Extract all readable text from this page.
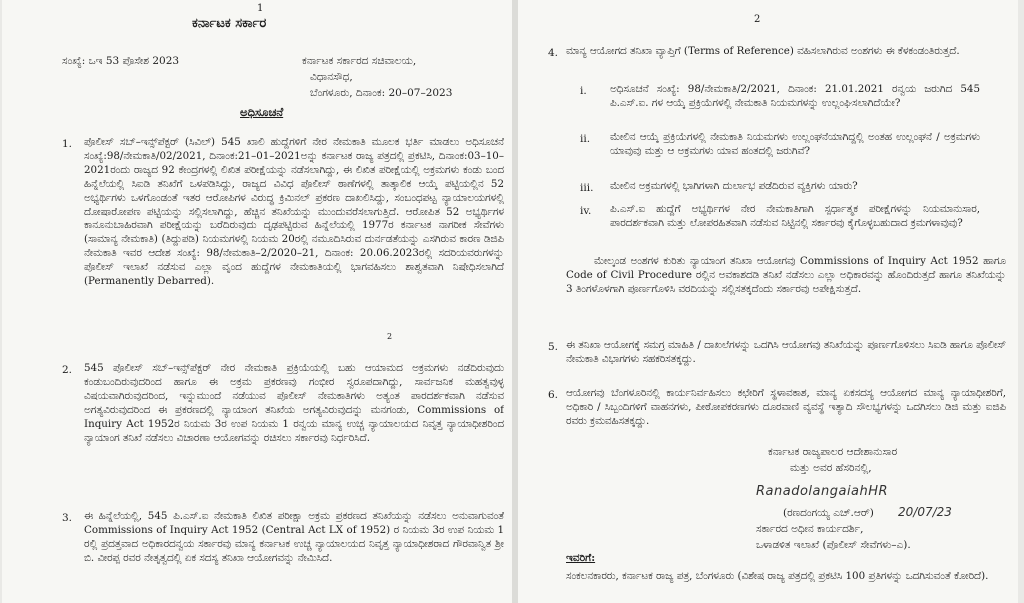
1
ಕರ್ನಾಟಕ ಸರ್ಕಾರ
ಸಂಖ್ಯೆ: ಒಇ 53 ಪೊಸೇಶ 2023	ಕರ್ನಾಟಕ ಸರ್ಕಾರದ ಸಚಿವಾಲಯ,
ವಿಧಾನಸೌಧ,
ಬೆಂಗಳೂರು, ದಿನಾಂಕ: 20–07–2023
ಅಧಿಸೂಚನೆ
1. ಪೊಲೀಸ್ ಸಬ್–ಇನ್ಸ್‌ಪೆಕ್ಟರ್ (ಸಿವಿಲ್) 545 ಖಾಲಿ ಹುದ್ದೆಗಳಿಗೆ ನೇರ ನೇಮಕಾತಿ ಮೂಲಕ ಭರ್ತಿ ಮಾಡಲು ಅಧಿಸೂಚನೆ ಸಂಖ್ಯೆ:98/ನೇಮಕಾತಿ/02/2021, ದಿನಾಂಕ:21–01–2021ಅನ್ನು ಕರ್ನಾಟಕ ರಾಜ್ಯ ಪತ್ರದಲ್ಲಿ ಪ್ರಕಟಿಸಿ, ದಿನಾಂಕ:03–10–2021ರಂದು ರಾಜ್ಯದ 92 ಕೇಂದ್ರಗಳಲ್ಲಿ ಲಿಖಿತ ಪರೀಕ್ಷೆಯನ್ನು ನಡೆಸಲಾಗಿದ್ದು, ಈ ಲಿಖಿತ ಪರೀಕ್ಷೆಯಲ್ಲಿ ಅಕ್ರಮಗಳು ಕಂಡು ಬಂದ ಹಿನ್ನೆಲೆಯಲ್ಲಿ ಸಿಐಡಿ ತನಿಖೆಗೆ ಒಳಪಡಿಸಿದ್ದು, ರಾಜ್ಯದ ವಿವಿಧ ಪೊಲೀಸ್ ಠಾಣೆಗಳಲ್ಲಿ ತಾತ್ಕಾಲಿಕ ಆಯ್ಕೆ ಪಟ್ಟಿಯಲ್ಲಿನ 52 ಅಭ್ಯರ್ಥಿಗಳು ಒಳಗೊಂಡಂತೆ ಇತರ ಆರೋಪಿಗಳ ವಿರುದ್ಧ ಕ್ರಿಮಿನಲ್ ಪ್ರಕರಣ ದಾಖಲಿಸಿದ್ದು, ಸಂಬಂಧಪಟ್ಟ ನ್ಯಾಯಾಲಯಗಳಲ್ಲಿ ದೋಷಾರೋಪಣ ಪಟ್ಟಿಯನ್ನು ಸಲ್ಲಿಸಲಾಗಿದ್ದು, ಹೆಚ್ಚಿನ ತನಿಖೆಯನ್ನು ಮುಂದುವರೆಸಲಾಗುತ್ತಿದೆ. ಆರೋಪಿತ 52 ಅಭ್ಯರ್ಥಿಗಳ ಕಾನೂನುಬಾಹಿರವಾಗಿ ಪರೀಕ್ಷೆಯನ್ನು ಬರೆದಿರುವುದು ದೃಢಪಟ್ಟಿರುವ ಹಿನ್ನೆಲೆಯಲ್ಲಿ 1977ರ ಕರ್ನಾಟಕ ನಾಗರೀಕ ಸೇವೆಗಳು (ಸಾಮಾನ್ಯ ನೇಮಕಾತಿ) (ತಿದ್ದುಪಡಿ) ನಿಯಮಗಳಲ್ಲಿ ನಿಯಮ 20ರಲ್ಲಿ ನಮೂದಿಸಿರುವ ದುರ್ನಡತೆಯನ್ನು ಎಸಗಿರುವ ಕಾರಣ ಡಿಜಿಪಿ ನೇಮಕಾತಿ ಇವರ ಆದೇಶ ಸಂಖ್ಯೆ: 98/ನೇಮಕಾತಿ–2/2020–21, ದಿನಾಂಕ: 20.06.2023ರಲ್ಲಿ ಸದರಿಯವರುಗಳನ್ನು ಪೊಲೀಸ್ ಇಲಾಖೆ ನಡೆಸುವ ಎಲ್ಲಾ ವೃಂದ ಹುದ್ದೆಗಳ ನೇಮಕಾತಿಯಲ್ಲಿ ಭಾಗವಹಿಸಲು ಶಾಶ್ವತವಾಗಿ ನಿಷೇಧಿಸಲಾಗಿದೆ (Permanently Debarred).
2
2. 545 ಪೊಲೀಸ್ ಸಬ್–ಇನ್ಸ್‌ಪೆಕ್ಟರ್ ನೇರ ನೇಮಕಾತಿ ಪ್ರಕ್ರಿಯೆಯಲ್ಲಿ ಬಹು ಆಯಾಮದ ಅಕ್ರಮಗಳು ನಡೆದಿರುವುದು ಕಂಡುಬಂದಿರುವುದರಿಂದ ಹಾಗೂ ಈ ಅಕ್ರಮ ಪ್ರಕರಣವು ಗಂಭೀರ ಸ್ವರೂಪದಾಗಿದ್ದು, ಸಾರ್ವಜನಿಕ ಮಹತ್ವವುಳ್ಳ ವಿಷಯವಾಗಿರುವುದರಿಂದ, ಇನ್ನುಮುಂದೆ ನಡೆಯುವ ಪೊಲೀಸ್ ನೇಮಕಾತಿಗಳು ಅತ್ಯಂತ ಪಾರದರ್ಶಕವಾಗಿ ನಡೆಸುವ ಅಗತ್ಯವಿರುವುದರಿಂದ ಈ ಪ್ರಕರಣದಲ್ಲಿ ನ್ಯಾಯಾಂಗ ತನಿಖೆಯ ಅಗತ್ಯವಿರುವುದನ್ನು ಮನಗಂಡು, Commissions of Inquiry Act 1952ರ ನಿಯಮ 3ರ ಉಪ ನಿಯಮ 1 ರನ್ವಯ ಮಾನ್ಯ ಉಚ್ಚ ನ್ಯಾಯಾಲಯದ ನಿವೃತ್ತ ನ್ಯಾಯಾಧೀಶರಿಂದ ನ್ಯಾಯಾಂಗ ತನಿಖೆ ನಡೆಸಲು ವಿಚಾರಣಾ ಆಯೋಗವನ್ನು ರಚಿಸಲು ಸರ್ಕಾರವು ನಿರ್ಧರಿಸಿದೆ.
3. ಈ ಹಿನ್ನೆಲೆಯಲ್ಲಿ, 545 ಪಿ.ಎಸ್.ಐ ನೇಮಕಾತಿ ಲಿಖಿತ ಪರೀಕ್ಷಾ ಅಕ್ರಮ ಪ್ರಕರಣದ ತನಿಖೆಯನ್ನು ನಡೆಸಲು ಅನುವಾಗುವಂತೆ Commissions of Inquiry Act 1952 (Central Act LX of 1952) ರ ನಿಯಮ 3ರ ಉಪ ನಿಯಮ 1 ರಲ್ಲಿ ಪ್ರದತ್ತವಾದ ಅಧಿಕಾರದನ್ವಯ ಸರ್ಕಾರವು ಮಾನ್ಯ ಕರ್ನಾಟಕ ಉಚ್ಚ ನ್ಯಾಯಾಲಯದ ನಿವೃತ್ತ ನ್ಯಾಯಾಧೀಶರಾದ ಗೌರವಾನ್ವಿತ ಶ್ರೀ ಬಿ. ವೀರಪ್ಪ ರವರ ನೇತೃತ್ವದಲ್ಲಿ ಏಕ ಸದಸ್ಯ ತನಿಖಾ ಆಯೋಗವನ್ನು ನೇಮಿಸಿದೆ.
2
4. ಮಾನ್ಯ ಆಯೋಗದ ತನಿಖಾ ವ್ಯಾಪ್ತಿಗೆ (Terms of Reference) ವಹಿಸಲಾಗಿರುವ ಅಂಶಗಳು ಈ ಕೆಳಕಂಡಂತಿರುತ್ತದೆ.
i. ಅಧಿಸೂಚನೆ ಸಂಖ್ಯೆ: 98/ನೇಮಕಾತಿ/2/2021, ದಿನಾಂಕ: 21.01.2021 ರನ್ವಯ ಜರುಗಿದ 545 ಪಿ.ಎಸ್.ಐ. ಗಳ ಆಯ್ಕೆ ಪ್ರಕ್ರಿಯೆಗಳಲ್ಲಿ ನೇಮಕಾತಿ ನಿಯಮಗಳನ್ನು ಉಲ್ಲಂಘಿಸಲಾಗಿದೆಯೇ?
ii. ಮೇಲಿನ ಆಯ್ಕೆ ಪ್ರಕ್ರಿಯೆಗಳಲ್ಲಿ ನೇಮಕಾತಿ ನಿಯಮಗಳು ಉಲ್ಲಂಘನೆಯಾಗಿದ್ದಲ್ಲಿ ಅಂತಹ ಉಲ್ಲಂಘನೆ / ಅಕ್ರಮಗಳು ಯಾವುವು ಮತ್ತು ಆ ಅಕ್ರಮಗಳು ಯಾವ ಹಂತದಲ್ಲಿ ಜರುಗಿವೆ?
iii. ಮೇಲಿನ ಅಕ್ರಮಗಳಲ್ಲಿ ಭಾಗಿಗಳಾಗಿ ದುರ್ಲಾಭ ಪಡೆದಿರುವ ವ್ಯಕ್ತಿಗಳು ಯಾರು?
iv. ಪಿ.ಎಸ್.ಐ ಹುದ್ದೆಗೆ ಅಭ್ಯರ್ಥಿಗಳ ನೇರ ನೇಮಕಾತಿಗಾಗಿ ಸ್ಪರ್ಧಾತ್ಮಕ ಪರೀಕ್ಷೆಗಳನ್ನು ನಿಯಮಾನುಸಾರ, ಪಾರದರ್ಶಕವಾಗಿ ಮತ್ತು ಲೋಪರಹಿತವಾಗಿ ನಡೆಸುವ ನಿಟ್ಟಿನಲ್ಲಿ ಸರ್ಕಾರವು ಕೈಗೊಳ್ಳಬಹುದಾದ ಕ್ರಮಗಳಾವುವು?
ಮೇಲ್ಕಂಡ ಅಂಶಗಳ ಕುರಿತು ನ್ಯಾಯಾಂಗ ತನಿಖಾ ಆಯೋಗವು Commissions of Inquiry Act 1952 ಹಾಗೂ Code of Civil Procedure ರಲ್ಲಿನ ಅವಕಾಶದಡಿ ತನಿಖೆ ನಡೆಸಲು ಎಲ್ಲಾ ಅಧಿಕಾರವನ್ನು ಹೊಂದಿರುತ್ತದೆ ಹಾಗೂ ತನಿಖೆಯನ್ನು 3 ತಿಂಗಳೊಳಗಾಗಿ ಪೂರ್ಣಗೊಳಿಸಿ ವರದಿಯನ್ನು ಸಲ್ಲಿಸತಕ್ಕದೆಂದು ಸರ್ಕಾರವು ಅಪೇಕ್ಷಿಸುತ್ತದೆ.
5. ಈ ತನಿಖಾ ಆಯೋಗಕ್ಕೆ ಸಮಗ್ರ ಮಾಹಿತಿ / ದಾಖಲೆಗಳನ್ನು ಒದಗಿಸಿ ಆಯೋಗವು ತನಿಖೆಯನ್ನು ಪೂರ್ಣಗೊಳಿಸಲು ಸಿಐಡಿ ಹಾಗೂ ಪೊಲೀಸ್ ನೇಮಕಾತಿ ವಿಭಾಗಗಳು ಸಹಕರಿಸತಕ್ಕದ್ದು.
6. ಆಯೋಗವು ಬೆಂಗಳೂರಿನಲ್ಲಿ ಕಾರ್ಯನಿರ್ವಹಿಸಲು ಕಛೇರಿಗೆ ಸ್ಥಳಾವಕಾಶ, ಮಾನ್ಯ ಏಕಸದಸ್ಯ ಆಯೋಗದ ಮಾನ್ಯ ನ್ಯಾಯಾಧೀಶರಿಗೆ, ಅಧಿಕಾರಿ / ಸಿಬ್ಬಂದಿಗಳಿಗೆ ವಾಹನಗಳು, ಪೀಠೋಪಕರಣಗಳು ದೂರವಾಣಿ ವ್ಯವಸ್ಥೆ ಇತ್ಯಾದಿ ಸೌಲಭ್ಯಗಳನ್ನು ಒದಗಿಸಲು ಡಿಜಿ ಮತ್ತು ಐಜಿಪಿ ರವರು ಕ್ರಮವಹಿಸತಕ್ಕದ್ದು.
ಕರ್ನಾಟಕ ರಾಜ್ಯಪಾಲರ ಆದೇಶಾನುಸಾರ
ಮತ್ತು ಅವರ ಹೆಸರಿನಲ್ಲಿ,
RanadolangaiahHR
20/07/23
(ರಣದಂಗಯ್ಯ ಎಚ್.ಆರ್)
ಸರ್ಕಾರದ ಅಧೀನ ಕಾರ್ಯದರ್ಶಿ,
ಒಳಾಡಳಿತ ಇಲಾಖೆ (ಪೊಲೀಸ್ ಸೇವೆಗಳು–ಎ).
ಇವರಿಗೆ:
ಸಂಕಲನಕಾರರು, ಕರ್ನಾಟಕ ರಾಜ್ಯ ಪತ್ರ, ಬೆಂಗಳೂರು (ವಿಶೇಷ ರಾಜ್ಯ ಪತ್ರದಲ್ಲಿ ಪ್ರಕಟಿಸಿ 100 ಪ್ರತಿಗಳನ್ನು ಒದಗಿಸುವಂತೆ ಕೋರಿದೆ).
